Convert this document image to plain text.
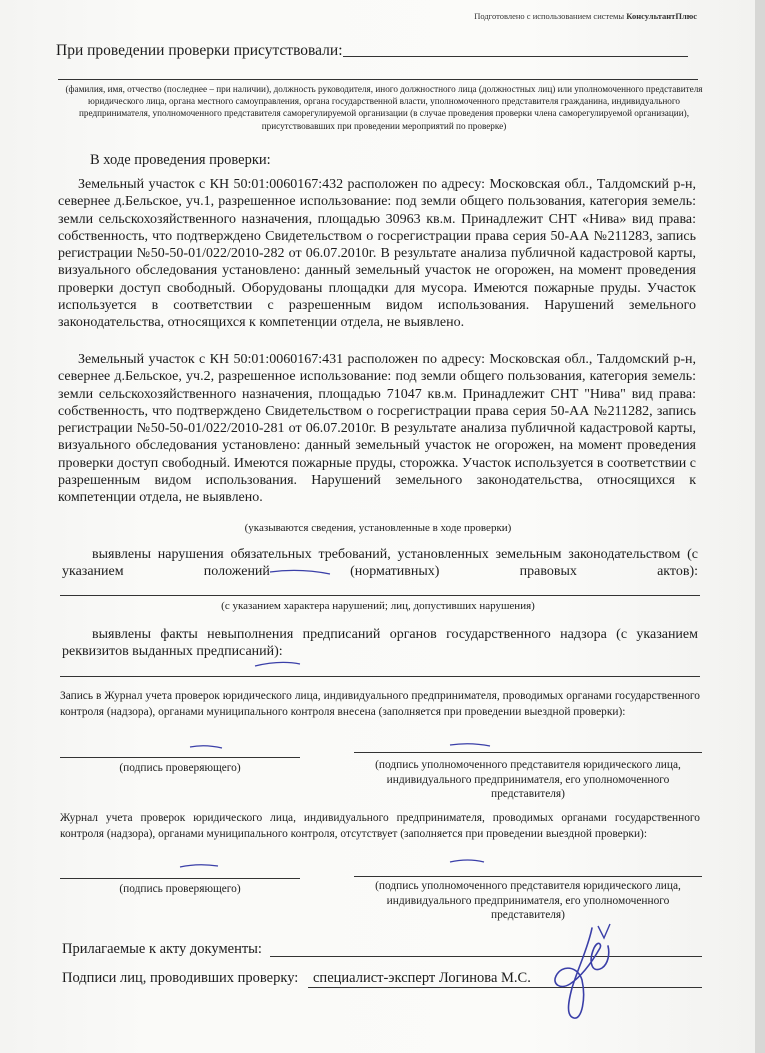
Подготовлено с использованием системы КонсультантПлюс
При проведении проверки присутствовали:
(фамилия, имя, отчество (последнее – при наличии), должность руководителя, иного должностного лица (должностных лиц) или уполномоченного представителя юридического лица, органа местного самоуправления, органа государственной власти, уполномоченного представителя гражданина, индивидуального предпринимателя, уполномоченного представителя саморегулируемой организации (в случае проведения проверки члена саморегулируемой организации), присутствовавших при проведении мероприятий по проверке)
В ходе проведения проверки:
Земельный участок с КН 50:01:0060167:432 расположен по адресу: Московская обл., Талдомский р-н, севернее д.Бельское, уч.1, разрешенное использование: под земли общего пользования, категория земель: земли сельскохозяйственного назначения, площадью 30963 кв.м. Принадлежит СНТ «Нива» вид права: собственность, что подтверждено Свидетельством о госрегистрации права серия 50-АА №211283, запись регистрации №50-50-01/022/2010-282 от 06.07.2010г. В результате анализа публичной кадастровой карты, визуального обследования установлено: данный земельный участок не огорожен, на момент проведения проверки доступ свободный. Оборудованы площадки для мусора. Имеются пожарные пруды. Участок используется в соответствии с разрешенным видом использования. Нарушений земельного законодательства, относящихся к компетенции отдела, не выявлено.
Земельный участок с КН 50:01:0060167:431 расположен по адресу: Московская обл., Талдомский р-н, севернее д.Бельское, уч.2, разрешенное использование: под земли общего пользования, категория земель: земли сельскохозяйственного назначения, площадью 71047 кв.м. Принадлежит СНТ "Нива" вид права: собственность, что подтверждено Свидетельством о госрегистрации права серия 50-АА №211282, запись регистрации №50-50-01/022/2010-281 от 06.07.2010г. В результате анализа публичной кадастровой карты, визуального обследования установлено: данный земельный участок не огорожен, на момент проведения проверки доступ свободный. Имеются пожарные пруды, сторожка. Участок используется в соответствии с разрешенным видом использования. Нарушений земельного законодательства, относящихся к компетенции отдела, не выявлено.
(указываются сведения, установленные в ходе проверки)
выявлены нарушения обязательных требований, установленных земельным законодательством (с указанием положений (нормативных) правовых актов):
(с указанием характера нарушений; лиц, допустивших нарушения)
выявлены факты невыполнения предписаний органов государственного надзора (с указанием реквизитов выданных предписаний):
Запись в Журнал учета проверок юридического лица, индивидуального предпринимателя, проводимых органами государственного контроля (надзора), органами муниципального контроля внесена (заполняется при проведении выездной проверки):
(подпись проверяющего)	(подпись уполномоченного представителя юридического лица, индивидуального предпринимателя, его уполномоченного представителя)
Журнал учета проверок юридического лица, индивидуального предпринимателя, проводимых органами государственного контроля (надзора), органами муниципального контроля, отсутствует (заполняется при проведении выездной проверки):
(подпись проверяющего)	(подпись уполномоченного представителя юридического лица, индивидуального предпринимателя, его уполномоченного представителя)
Прилагаемые к акту документы:
Подписи лиц, проводивших проверку: специалист-эксперт Логинова М.С.
